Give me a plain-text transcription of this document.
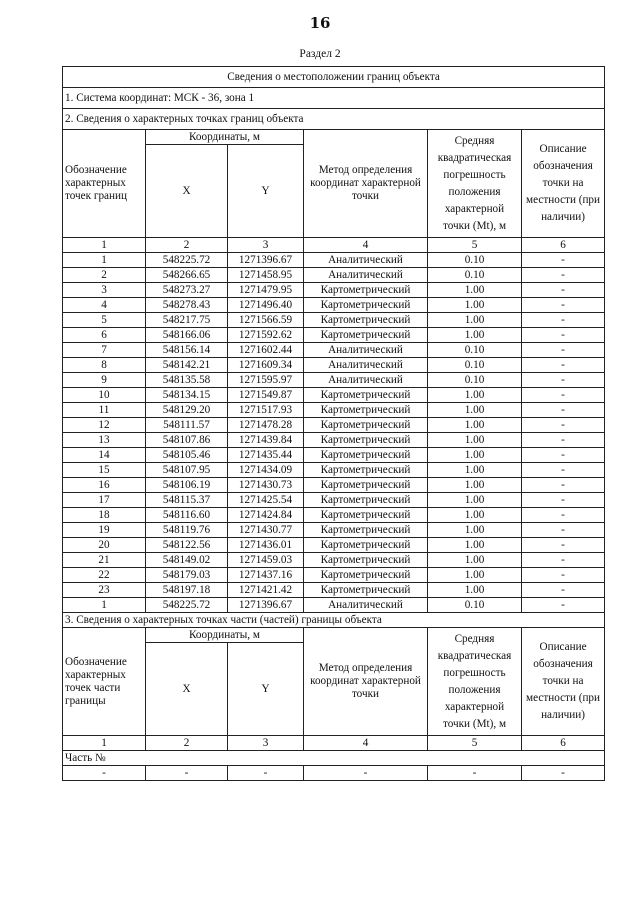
16
Раздел 2
Сведения о местоположении границ объекта					
1. Система координат: МСК - 36, зона 1					
2. Сведения о характерных точках границ объекта					
Обозначение характерных точек границ	Координаты, м		Метод определения координат характерной точки	Средняя квадратическая погрешность положения характерной точки (Mt), м	Описание обозначения точки на местности (при наличии)
	X	Y			
1	2	3	4	5	6
1	548225.72	1271396.67	Аналитический	0.10	-
2	548266.65	1271458.95	Аналитический	0.10	-
3	548273.27	1271479.95	Картометрический	1.00	-
4	548278.43	1271496.40	Картометрический	1.00	-
5	548217.75	1271566.59	Картометрический	1.00	-
6	548166.06	1271592.62	Картометрический	1.00	-
7	548156.14	1271602.44	Аналитический	0.10	-
8	548142.21	1271609.34	Аналитический	0.10	-
9	548135.58	1271595.97	Аналитический	0.10	-
10	548134.15	1271549.87	Картометрический	1.00	-
11	548129.20	1271517.93	Картометрический	1.00	-
12	548111.57	1271478.28	Картометрический	1.00	-
13	548107.86	1271439.84	Картометрический	1.00	-
14	548105.46	1271435.44	Картометрический	1.00	-
15	548107.95	1271434.09	Картометрический	1.00	-
16	548106.19	1271430.73	Картометрический	1.00	-
17	548115.37	1271425.54	Картометрический	1.00	-
18	548116.60	1271424.84	Картометрический	1.00	-
19	548119.76	1271430.77	Картометрический	1.00	-
20	548122.56	1271436.01	Картометрический	1.00	-
21	548149.02	1271459.03	Картометрический	1.00	-
22	548179.03	1271437.16	Картометрический	1.00	-
23	548197.18	1271421.42	Картометрический	1.00	-
1	548225.72	1271396.67	Аналитический	0.10	-
3. Сведения о характерных точках части (частей) границы объекта					
Обозначение характерных точек части границы	Координаты, м		Метод определения координат характерной точки	Средняя квадратическая погрешность положения характерной точки (Mt), м	Описание обозначения точки на местности (при наличии)
	X	Y			
1	2	3	4	5	6
Часть №					
-	-	-	-	-	-
